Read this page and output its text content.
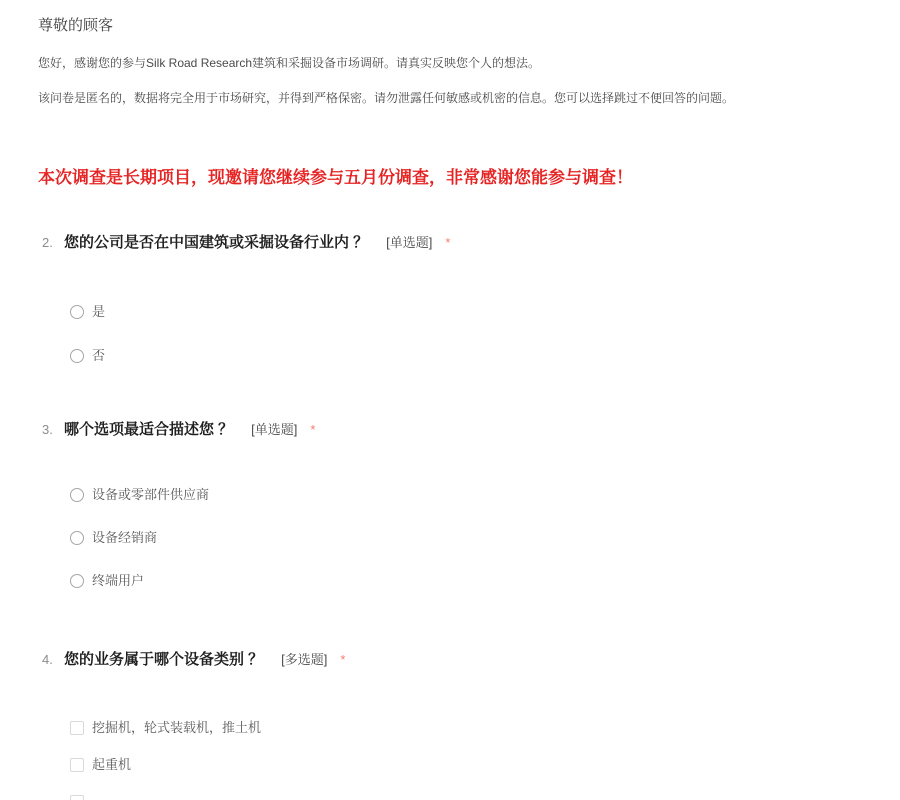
尊敬的顾客

您好，感谢您的参与Silk Road Research建筑和采掘设备市场调研。请真实反映您个人的想法。

该问卷是匿名的，数据将完全用于市场研究，并得到严格保密。请勿泄露任何敏感或机密的信息。您可以选择跳过不便回答的问题。

本次调查是长期项目，现邀请您继续参与五月份调查，非常感谢您能参与调查！
2. 您的公司是否在中国建筑或采掘设备行业内 ？ [单选题] *
是
否
3. 哪个选项最适合描述您 ？ [单选题] *
设备或零部件供应商
设备经销商
终端用户
4. 您的业务属于哪个设备类别 ？ [多选题] *
挖掘机，轮式装载机，推土机
起重机
